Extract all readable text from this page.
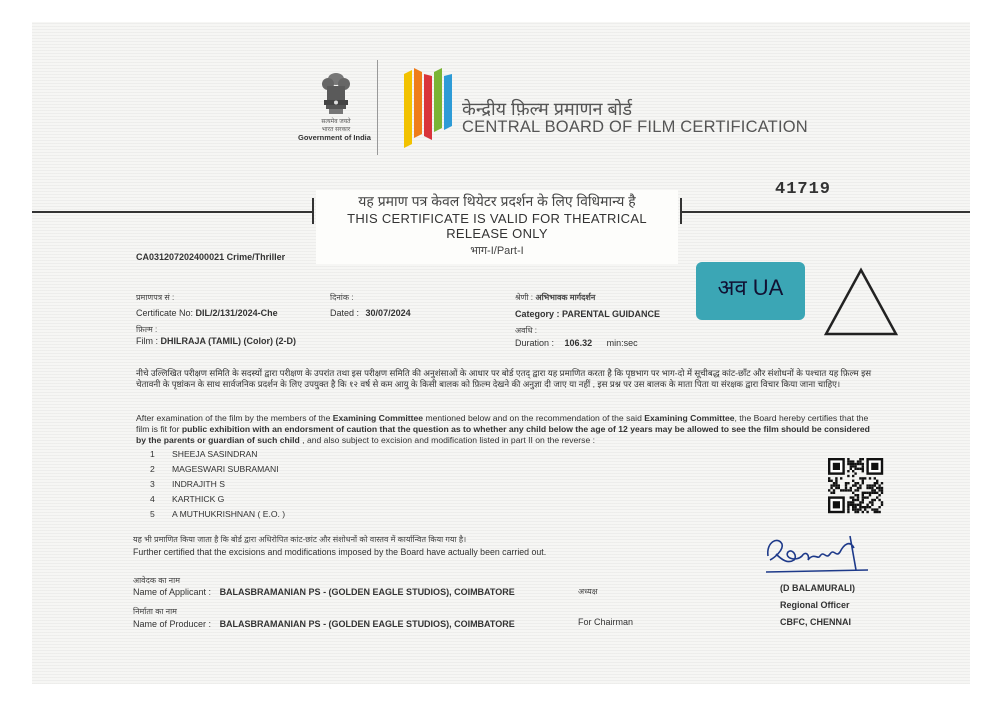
सत्यमेव जयते
भारत सरकार
Government of India
केन्द्रीय फ़िल्म प्रमाणन बोर्ड
CENTRAL BOARD OF FILM CERTIFICATION
यह प्रमाण पत्र केवल थियेटर प्रदर्शन के लिए विधिमान्य है
THIS CERTIFICATE IS VALID FOR THEATRICAL RELEASE ONLY
भाग-I/Part-I
41719
CA031207202400021 Crime/Thriller
प्रमाणपत्र सं :
Certificate No: DIL/2/131/2024-Che
दिनांक :
Dated : 30/07/2024
श्रेणी : अभिभावक मार्गदर्शन
Category : PARENTAL GUIDANCE
फ़िल्म :
Film : DHILRAJA (TAMIL) (Color) (2-D)
अवधि :
Duration : 106.32 min:sec
अव UA
नीचे उल्लिखित परीक्षण समिति के सदस्यों द्वारा परीक्षण के उपरांत तथा इस परीक्षण समिति की अनुशंसाओं के आधार पर बोर्ड एतद् द्वारा यह प्रमाणित करता है कि पृष्ठभाग पर भाग-दो में सूचीबद्ध कांट-छाँट और संशोधनों के पश्चात यह फ़िल्म इस चेतावनी के पृष्ठांकन के साथ सार्वजनिक प्रदर्शन के लिए उपयुक्त है कि १२ वर्ष से कम आयु के किसी बालक को फ़िल्म देखने की अनुज्ञा दी जाए या नहीं , इस प्रश्न पर उस बालक के माता पिता या संरक्षक द्वारा विचार किया जाना चाहिए।
After examination of the film by the members of the Examining Committee mentioned below and on the recommendation of the said Examining Committee, the Board hereby certifies that the film is fit for public exhibition with an endorsment of caution that the question as to whether any child below the age of 12 years may be allowed to see the film should be considered by the parents or guardian of such child , and also subject to excision and modification listed in part II on the reverse :
1 SHEEJA SASINDRAN
2 MAGESWARI SUBRAMANI
3 INDRAJITH S
4 KARTHICK G
5 A MUTHUKRISHNAN ( E.O. )
यह भी प्रमाणित किया जाता है कि बोर्ड द्वारा अधिरोपित कांट-छांट और संशोधनों को वास्तव में कार्यान्वित किया गया है।
Further certified that the excisions and modifications imposed by the Board have actually been carried out.
(D BALAMURALI)
Regional Officer
CBFC, CHENNAI
आवेदक का नाम
Name of Applicant : BALASBRAMANIAN PS - (GOLDEN EAGLE STUDIOS), COIMBATORE
निर्माता का नाम
Name of Producer : BALASBRAMANIAN PS - (GOLDEN EAGLE STUDIOS), COIMBATORE
अध्यक्ष
For Chairman
